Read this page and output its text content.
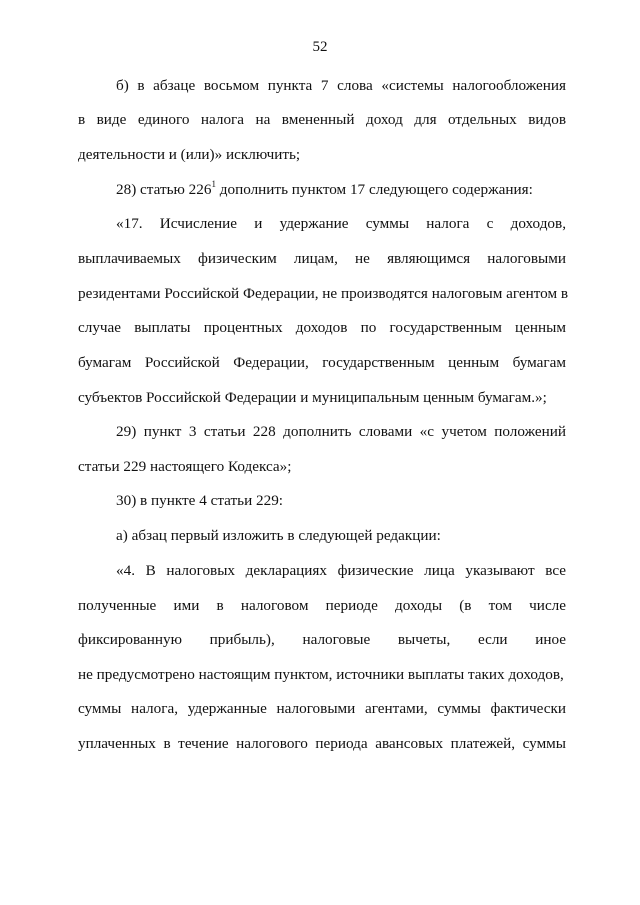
52
б) в абзаце восьмом пункта 7 слова «системы налогообложения
в виде единого налога на вмененный доход для отдельных видов
деятельности и (или)» исключить;
28) статью $226^1$ дополнить пунктом 17 следующего содержания:
«17. Исчисление и удержание суммы налога с доходов,
выплачиваемых физическим лицам, не являющимся налоговыми
резидентами Российской Федерации, не производятся налоговым агентом в
случае выплаты процентных доходов по государственным ценным
бумагам Российской Федерации, государственным ценным бумагам
субъектов Российской Федерации и муниципальным ценным бумагам.»;
29) пункт 3 статьи 228 дополнить словами «с учетом положений
статьи 229 настоящего Кодекса»;
30) в пункте 4 статьи 229:
а) абзац первый изложить в следующей редакции:
«4. В налоговых декларациях физические лица указывают все
полученные ими в налоговом периоде доходы (в том числе
фиксированную прибыль), налоговые вычеты, если иное
не предусмотрено настоящим пунктом, источники выплаты таких доходов,
суммы налога, удержанные налоговыми агентами, суммы фактически
уплаченных в течение налогового периода авансовых платежей, суммы
